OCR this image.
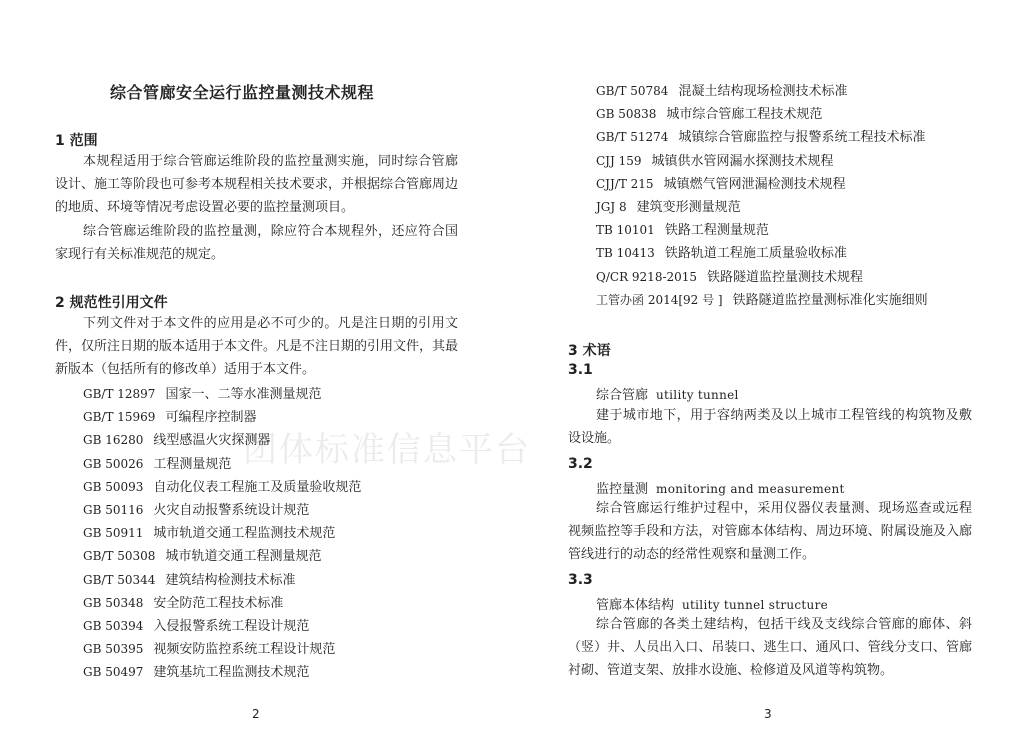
团体标准信息平台
综合管廊安全运行监控量测技术规程
1 范围
本规程适用于综合管廊运维阶段的监控量测实施，同时综合管廊设计、施工等阶段也可参考本规程相关技术要求，并根据综合管廊周边的地质、环境等情况考虑设置必要的监控量测项目。
综合管廊运维阶段的监控量测，除应符合本规程外，还应符合国家现行有关标准规范的规定。
2 规范性引用文件
下列文件对于本文件的应用是必不可少的。凡是注日期的引用文件，仅所注日期的版本适用于本文件。凡是不注日期的引用文件，其最新版本（包括所有的修改单）适用于本文件。
GB/T 12897 国家一、二等水准测量规范
GB/T 15969 可编程序控制器
GB 16280 线型感温火灾探测器
GB 50026 工程测量规范
GB 50093 自动化仪表工程施工及质量验收规范
GB 50116 火灾自动报警系统设计规范
GB 50911 城市轨道交通工程监测技术规范
GB/T 50308 城市轨道交通工程测量规范
GB/T 50344 建筑结构检测技术标准
GB 50348 安全防范工程技术标准
GB 50394 入侵报警系统工程设计规范
GB 50395 视频安防监控系统工程设计规范
GB 50497 建筑基坑工程监测技术规范
2
GB/T 50784 混凝土结构现场检测技术标准
GB 50838 城市综合管廊工程技术规范
GB/T 51274 城镇综合管廊监控与报警系统工程技术标准
CJJ 159 城镇供水管网漏水探测技术规程
CJJ/T 215 城镇燃气管网泄漏检测技术规程
JGJ 8 建筑变形测量规范
TB 10101 铁路工程测量规范
TB 10413 铁路轨道工程施工质量验收标准
Q/CR 9218-2015 铁路隧道监控量测技术规程
工管办函 2014[92 号 ] 铁路隧道监控量测标准化实施细则
3 术语
3.1
综合管廊 utility tunnel
建于城市地下，用于容纳两类及以上城市工程管线的构筑物及敷设设施。
3.2
监控量测 monitoring and measurement
综合管廊运行维护过程中，采用仪器仪表量测、现场巡查或远程视频监控等手段和方法，对管廊本体结构、周边环境、附属设施及入廊管线进行的动态的经常性观察和量测工作。
3.3
管廊本体结构 utility tunnel structure
综合管廊的各类土建结构，包括干线及支线综合管廊的廊体、斜（竖）井、人员出入口、吊装口、逃生口、通风口、管线分支口、管廊衬砌、管道支架、放排水设施、检修道及风道等构筑物。
3
